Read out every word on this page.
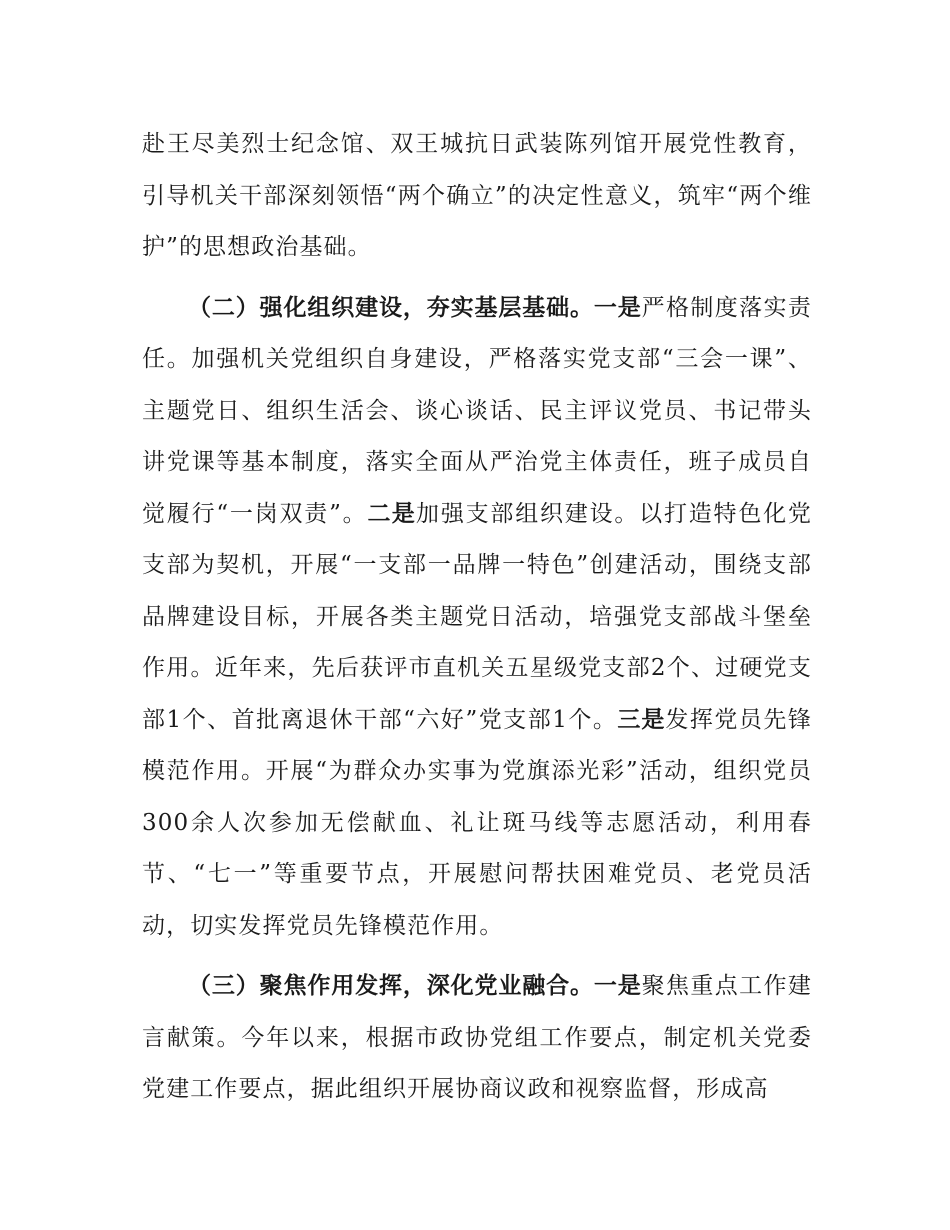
赴王尽美烈士纪念馆、双王城抗日武装陈列馆开展党性教育，引导机关干部深刻领悟“两个确立”的决定性意义，筑牢“两个维护”的思想政治基础。

（二）强化组织建设，夯实基层基础。一是严格制度落实责任。加强机关党组织自身建设，严格落实党支部“三会一课”、主题党日、组织生活会、谈心谈话、民主评议党员、书记带头讲党课等基本制度，落实全面从严治党主体责任，班子成员自觉履行“一岗双责”。二是加强支部组织建设。以打造特色化党支部为契机，开展“一支部一品牌一特色”创建活动，围绕支部品牌建设目标，开展各类主题党日活动，培强党支部战斗堡垒作用。近年来，先后获评市直机关五星级党支部2个、过硬党支部1个、首批离退休干部“六好”党支部1个。三是发挥党员先锋模范作用。开展“为群众办实事为党旗添光彩”活动，组织党员300余人次参加无偿献血、礼让斑马线等志愿活动，利用春节、“七一”等重要节点，开展慰问帮扶困难党员、老党员活动，切实发挥党员先锋模范作用。

（三）聚焦作用发挥，深化党业融合。一是聚焦重点工作建言献策。今年以来，根据市政协党组工作要点，制定机关党委党建工作要点，据此组织开展协商议政和视察监督，形成高
